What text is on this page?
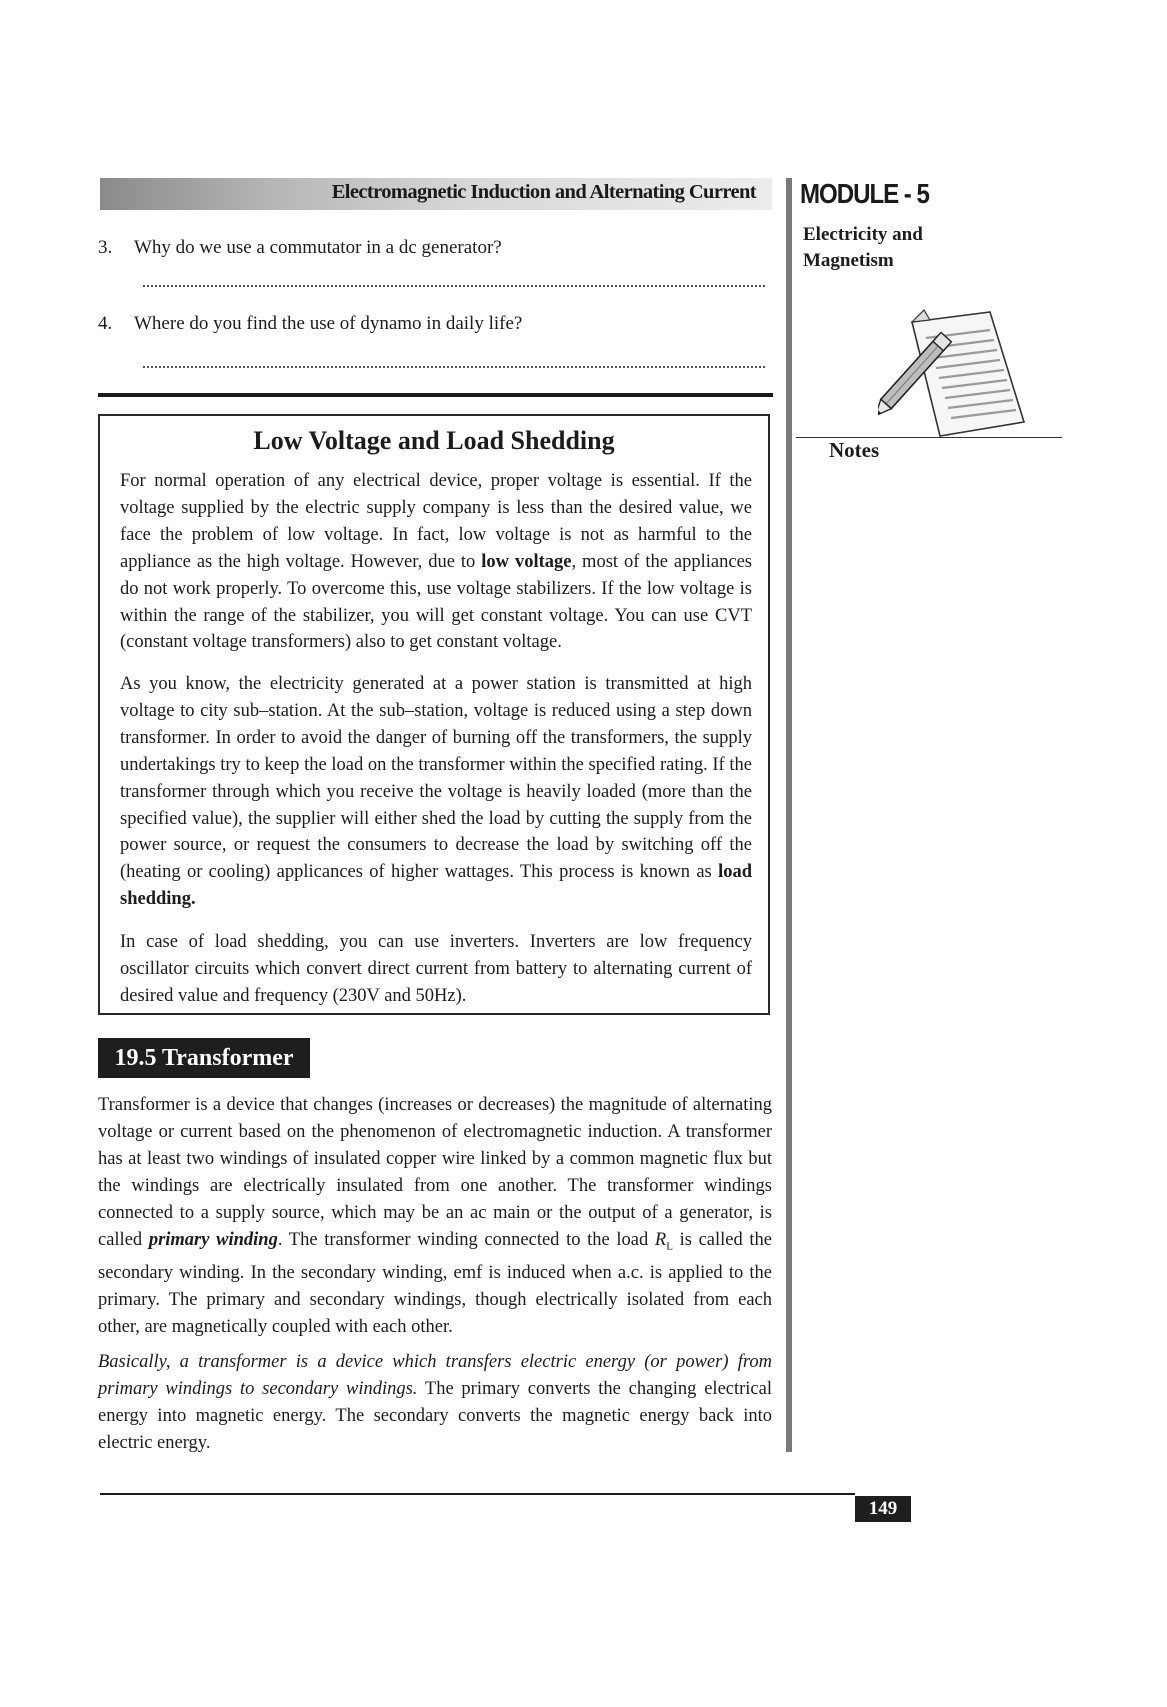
Electromagnetic Induction and Alternating Current MODULE - 5
Electricity and Magnetism
Notes
3. Why do we use a commutator in a dc generator?
4. Where do you find the use of dynamo in daily life?
Low Voltage and Load Shedding
For normal operation of any electrical device, proper voltage is essential. If the voltage supplied by the electric supply company is less than the desired value, we face the problem of low voltage. In fact, low voltage is not as harmful to the appliance as the high voltage. However, due to low voltage, most of the appliances do not work properly. To overcome this, use voltage stabilizers. If the low voltage is within the range of the stabilizer, you will get constant voltage. You can use CVT (constant voltage transformers) also to get constant voltage.
As you know, the electricity generated at a power station is transmitted at high voltage to city sub–station. At the sub–station, voltage is reduced using a step down transformer. In order to avoid the danger of burning off the transformers, the supply undertakings try to keep the load on the transformer within the specified rating. If the transformer through which you receive the voltage is heavily loaded (more than the specified value), the supplier will either shed the load by cutting the supply from the power source, or request the consumers to decrease the load by switching off the (heating or cooling) applicances of higher wattages. This process is known as load shedding.
In case of load shedding, you can use inverters. Inverters are low frequency oscillator circuits which convert direct current from battery to alternating current of desired value and frequency (230V and 50Hz).
19.5 Transformer
Transformer is a device that changes (increases or decreases) the magnitude of alternating voltage or current based on the phenomenon of electromagnetic induction. A transformer has at least two windings of insulated copper wire linked by a common magnetic flux but the windings are electrically insulated from one another. The transformer windings connected to a supply source, which may be an ac main or the output of a generator, is called primary winding. The transformer winding connected to the load $R_L$ is called the secondary winding. In the secondary winding, emf is induced when a.c. is applied to the primary. The primary and secondary windings, though electrically isolated from each other, are magnetically coupled with each other.
Basically, a transformer is a device which transfers electric energy (or power) from primary windings to secondary windings. The primary converts the changing electrical energy into magnetic energy. The secondary converts the magnetic energy back into electric energy.
149
